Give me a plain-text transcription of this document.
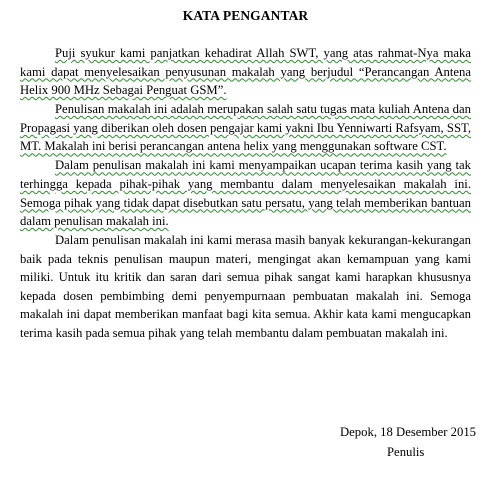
KATA PENGANTAR

Puji syukur kami panjatkan kehadirat Allah SWT, yang atas rahmat-Nya maka kami dapat menyelesaikan penyusunan makalah yang berjudul “Perancangan Antena Helix 900 MHz Sebagai Penguat GSM”.

Penulisan makalah ini adalah merupakan salah satu tugas mata kuliah Antena dan Propagasi yang diberikan oleh dosen pengajar kami yakni Ibu Yenniwarti Rafsyam, SST, MT. Makalah ini berisi perancangan antena helix yang menggunakan software CST.

Dalam penulisan makalah ini kami menyampaikan ucapan terima kasih yang tak terhingga kepada pihak-pihak yang membantu dalam menyelesaikan makalah ini. Semoga pihak yang tidak dapat disebutkan satu persatu, yang telah memberikan bantuan dalam penulisan makalah ini.

Dalam penulisan makalah ini kami merasa masih banyak kekurangan-kekurangan baik pada teknis penulisan maupun materi, mengingat akan kemampuan yang kami miliki. Untuk itu kritik dan saran dari semua pihak sangat kami harapkan khususnya kepada dosen pembimbing demi penyempurnaan pembuatan makalah ini. Semoga makalah ini dapat memberikan manfaat bagi kita semua. Akhir kata kami mengucapkan terima kasih pada semua pihak yang telah membantu dalam pembuatan makalah ini.

Depok, 18 Desember 2015
Penulis
